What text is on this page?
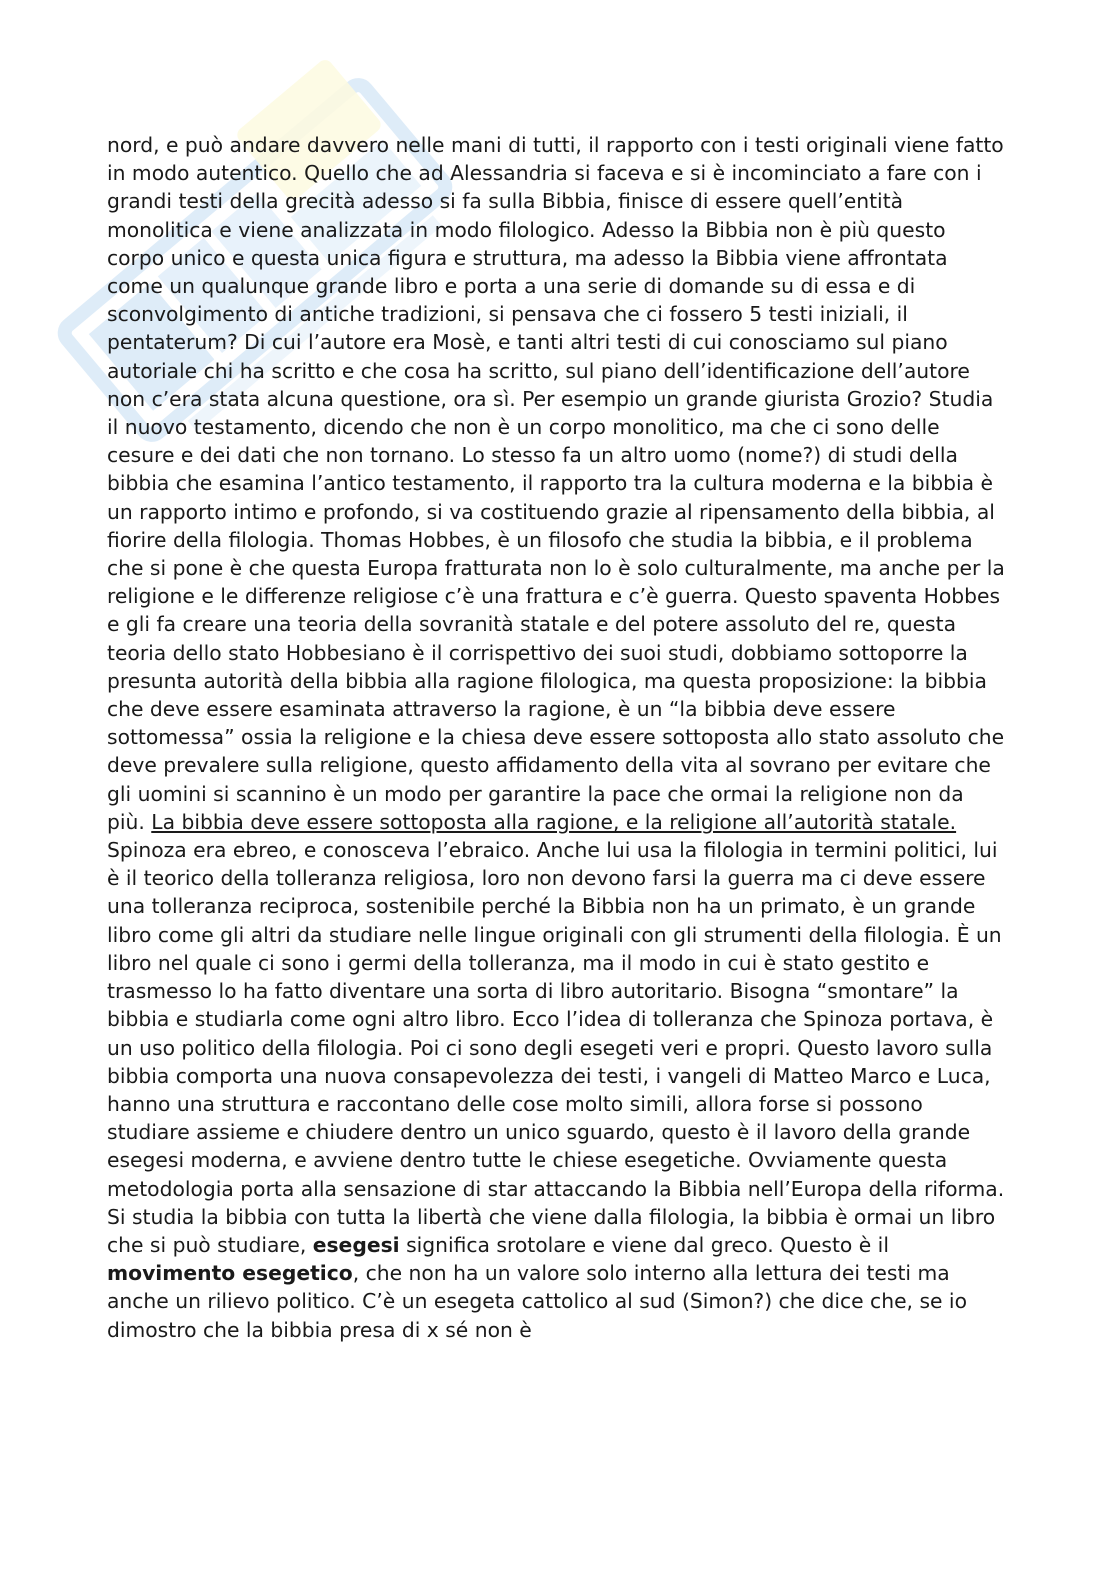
nord, e può andare davvero nelle mani di tutti, il rapporto con i testi originali viene fatto in modo autentico. Quello che ad Alessandria si faceva e si è incominciato a fare con i grandi testi della grecità adesso si fa sulla Bibbia, finisce di essere quell’entità monolitica e viene analizzata in modo filologico. Adesso la Bibbia non è più questo corpo unico e questa unica figura e struttura, ma adesso la Bibbia viene affrontata come un qualunque grande libro e porta a una serie di domande su di essa e di sconvolgimento di antiche tradizioni, si pensava che ci fossero 5 testi iniziali, il pentaterum? Di cui l’autore era Mosè, e tanti altri testi di cui conosciamo sul piano autoriale chi ha scritto e che cosa ha scritto, sul piano dell’identificazione dell’autore non c’era stata alcuna questione, ora sì. Per esempio un grande giurista Grozio? Studia il nuovo testamento, dicendo che non è un corpo monolitico, ma che ci sono delle cesure e dei dati che non tornano. Lo stesso fa un altro uomo (nome?) di studi della bibbia che esamina l’antico testamento, il rapporto tra la cultura moderna e la bibbia è un rapporto intimo e profondo, si va costituendo grazie al ripensamento della bibbia, al fiorire della filologia. Thomas Hobbes, è un filosofo che studia la bibbia, e il problema che si pone è che questa Europa fratturata non lo è solo culturalmente, ma anche per la religione e le differenze religiose c’è una frattura e c’è guerra. Questo spaventa Hobbes e gli fa creare una teoria della sovranità statale e del potere assoluto del re, questa teoria dello stato Hobbesiano è il corrispettivo dei suoi studi, dobbiamo sottoporre la presunta autorità della bibbia alla ragione filologica, ma questa proposizione: la bibbia che deve essere esaminata attraverso la ragione, è un “la bibbia deve essere sottomessa” ossia la religione e la chiesa deve essere sottoposta allo stato assoluto che deve prevalere sulla religione, questo affidamento della vita al sovrano per evitare che gli uomini si scannino è un modo per garantire la pace che ormai la religione non da più. La bibbia deve essere sottoposta alla ragione, e la religione all’autorità statale. Spinoza era ebreo, e conosceva l’ebraico. Anche lui usa la filologia in termini politici, lui è il teorico della tolleranza religiosa, loro non devono farsi la guerra ma ci deve essere una tolleranza reciproca, sostenibile perché la Bibbia non ha un primato, è un grande libro come gli altri da studiare nelle lingue originali con gli strumenti della filologia. È un libro nel quale ci sono i germi della tolleranza, ma il modo in cui è stato gestito e trasmesso lo ha fatto diventare una sorta di libro autoritario. Bisogna “smontare” la bibbia e studiarla come ogni altro libro. Ecco l’idea di tolleranza che Spinoza portava, è un uso politico della filologia. Poi ci sono degli esegeti veri e propri. Questo lavoro sulla bibbia comporta una nuova consapevolezza dei testi, i vangeli di Matteo Marco e Luca, hanno una struttura e raccontano delle cose molto simili, allora forse si possono studiare assieme e chiudere dentro un unico sguardo, questo è il lavoro della grande esegesi moderna, e avviene dentro tutte le chiese esegetiche. Ovviamente questa metodologia porta alla sensazione di star attaccando la Bibbia nell’Europa della riforma. Si studia la bibbia con tutta la libertà che viene dalla filologia, la bibbia è ormai un libro che si può studiare, esegesi significa srotolare e viene dal greco. Questo è il movimento esegetico, che non ha un valore solo interno alla lettura dei testi ma anche un rilievo politico. C’è un esegeta cattolico al sud (Simon?) che dice che, se io dimostro che la bibbia presa di x sé non è
